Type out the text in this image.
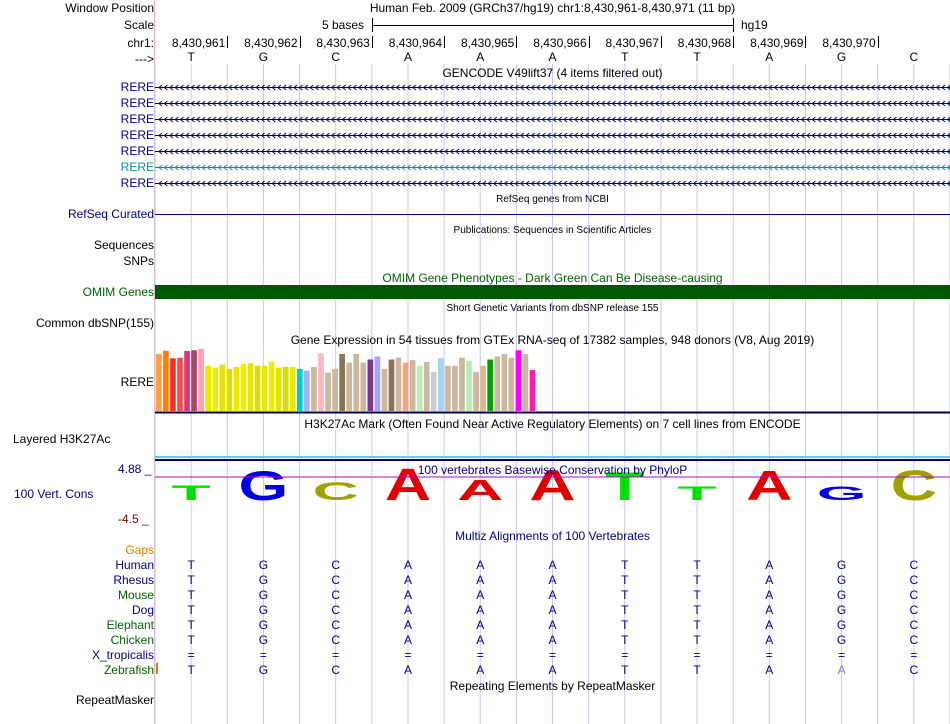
Window Position
Scale
chr1:
--->
Human Feb. 2009 (GRCh37/hg19) chr1:8,430,961-8,430,971 (11 bp)
5 bases	hg19
8,430,961	8,430,962	8,430,963	8,430,964	8,430,965	8,430,966	8,430,967	8,430,968	8,430,969	8,430,970
T	G	C	A	A	A	T	T	A	G	C
T G C A A A T T A G C
GENCODE V49lift37 (4 items filtered out)
RERE
RERE
RERE
RERE
RERE
RERE
RERE
RefSeq genes from NCBI
RefSeq Curated
Publications: Sequences in Scientific Articles
Sequences
SNPs
OMIM Gene Phenotypes - Dark Green Can Be Disease-causing
OMIM Genes
Short Genetic Variants from dbSNP release 155
Common dbSNP(155)
Gene Expression in 54 tissues from GTEx RNA-seq of 17382 samples, 948 donors (V8, Aug 2019)
RERE
H3K27Ac Mark (Often Found Near Active Regulatory Elements) on 7 cell lines from ENCODE
Layered H3K27Ac
4.88 _
100 Vert. Cons
-4.5 _
100 vertebrates Basewise Conservation by PhyloP
Multiz Alignments of 100 Vertebrates
Gaps
Human	T	G	C	A	A	A	T	T	A	G	C
Rhesus	T	G	C	A	A	A	T	T	A	G	C
Mouse	T	G	C	A	A	A	T	T	A	G	C
Dog	T	G	C	A	A	A	T	T	A	G	C
Elephant	T	G	C	A	A	A	T	T	A	G	C
Chicken	T	G	C	A	A	A	T	T	A	G	C
X_tropicalis	=	=	=	=	=	=	=	=	=	=	=
Zebrafish	T	G	C	A	A	A	T	T	A	A	C
Repeating Elements by RepeatMasker
RepeatMasker
